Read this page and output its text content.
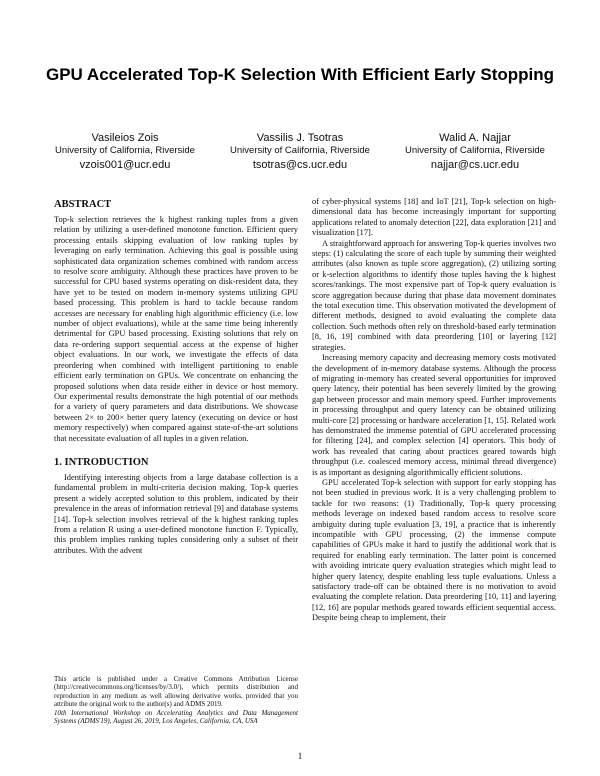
GPU Accelerated Top-K Selection With Efficient Early Stopping
Vasileios Zois
University of California, Riverside
vzois001@ucr.edu
Vassilis J. Tsotras
University of California, Riverside
tsotras@cs.ucr.edu
Walid A. Najjar
University of California, Riverside
najjar@cs.ucr.edu
ABSTRACT

Top-k selection retrieves the k highest ranking tuples from a given relation by utilizing a user-defined monotone function. Efficient query processing entails skipping evaluation of low ranking tuples by leveraging on early termination. Achieving this goal is possible using sophisticated data organization schemes combined with random access to resolve score ambiguity. Although these practices have proven to be successful for CPU based systems operating on disk-resident data, they have yet to be tested on modern in-memory systems utilizing GPU based processing. This problem is hard to tackle because random accesses are necessary for enabling high algorithmic efficiency (i.e. low number of object evaluations), while at the same time being inherently detrimental for GPU based processing. Existing solutions that rely on data re-ordering support sequential access at the expense of higher object evaluations. In our work, we investigate the effects of data preordering when combined with intelligent partitioning to enable efficient early termination on GPUs. We concentrate on enhancing the proposed solutions when data reside either in device or host memory. Our experimental results demonstrate the high potential of our methods for a variety of query parameters and data distributions. We showcase between 2× to 200× better query latency (executing on device or host memory respectively) when compared against state-of-the-art solutions that necessitate evaluation of all tuples in a given relation.

1. INTRODUCTION

Identifying interesting objects from a large database collection is a fundamental problem in multi-criteria decision making. Top-k queries present a widely accepted solution to this problem, indicated by their prevalence in the areas of information retrieval [9] and database systems [14]. Top-k selection involves retrieval of the k highest ranking tuples from a relation R using a user-defined monotone function F. Typically, this problem implies ranking tuples considering only a subset of their attributes. With the advent

of cyber-physical systems [18] and IoT [21], Top-k selection on high-dimensional data has become increasingly important for supporting applications related to anomaly detection [22], data exploration [21] and visualization [17].

A straightforward approach for answering Top-k queries involves two steps: (1) calculating the score of each tuple by summing their weighted attributes (also known as tuple score aggregation), (2) utilizing sorting or k-selection algorithms to identify those tuples having the k highest scores/rankings. The most expensive part of Top-k query evaluation is score aggregation because during that phase data movement dominates the total execution time. This observation motivated the development of different methods, designed to avoid evaluating the complete data collection. Such methods often rely on threshold-based early termination [8, 16, 19] combined with data preordering [10] or layering [12] strategies.

Increasing memory capacity and decreasing memory costs motivated the development of in-memory database systems. Although the process of migrating in-memory has created several opportunities for improved query latency, their potential has been severely limited by the growing gap between processor and main memory speed. Further improvements in processing throughput and query latency can be obtained utilizing multi-core [2] processing or hardware acceleration [1, 15]. Related work has demonstrated the immense potential of GPU accelerated processing for filtering [24], and complex selection [4] operators. This body of work has revealed that caring about practices geared towards high throughput (i.e. coalesced memory access, minimal thread divergence) is as important as designing algorithmically efficient solutions.

GPU accelerated Top-k selection with support for early stopping has not been studied in previous work. It is a very challenging problem to tackle for two reasons: (1) Traditionally, Top-k query processing methods leverage on indexed based random access to resolve score ambiguity during tuple evaluation [3, 19], a practice that is inherently incompatible with GPU processing, (2) the immense compute capabilities of GPUs make it hard to justify the additional work that is required for enabling early termination. The latter point is concerned with avoiding intricate query evaluation strategies which might lead to higher query latency, despite enabling less tuple evaluations. Unless a satisfactory trade-off can be obtained there is no motivation to avoid evaluating the complete relation. Data preordering [10, 11] and layering [12, 16] are popular methods geared towards efficient sequential access. Despite being cheap to implement, their

This article is published under a Creative Commons Attribution License (http://creativecommons.org/licenses/by/3.0/), which permits distribution and reproduction in any medium as well allowing derivative works, provided that you attribute the original work to the author(s) and ADMS 2019.
10th International Workshop on Accelerating Analytics and Data Management Systems (ADMS'19), August 26, 2019, Los Angeles, California, CA, USA
1
